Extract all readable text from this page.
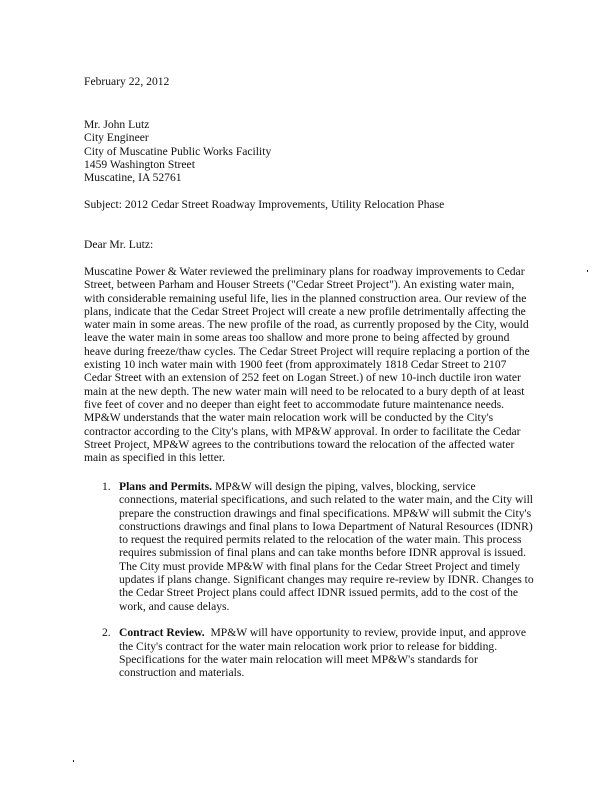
February 22, 2012
Mr. John Lutz
City Engineer
City of Muscatine Public Works Facility
1459 Washington Street
Muscatine, IA 52761
Subject: 2012 Cedar Street Roadway Improvements, Utility Relocation Phase
Dear Mr. Lutz:
Muscatine Power & Water reviewed the preliminary plans for roadway improvements to Cedar
Street, between Parham and Houser Streets ("Cedar Street Project"). An existing water main,
with considerable remaining useful life, lies in the planned construction area. Our review of the
plans, indicate that the Cedar Street Project will create a new profile detrimentally affecting the
water main in some areas. The new profile of the road, as currently proposed by the City, would
leave the water main in some areas too shallow and more prone to being affected by ground
heave during freeze/thaw cycles. The Cedar Street Project will require replacing a portion of the
existing 10 inch water main with 1900 feet (from approximately 1818 Cedar Street to 2107
Cedar Street with an extension of 252 feet on Logan Street.) of new 10-inch ductile iron water
main at the new depth. The new water main will need to be relocated to a bury depth of at least
five feet of cover and no deeper than eight feet to accommodate future maintenance needs.
MP&W understands that the water main relocation work will be conducted by the City's
contractor according to the City's plans, with MP&W approval. In order to facilitate the Cedar
Street Project, MP&W agrees to the contributions toward the relocation of the affected water
main as specified in this letter.
1. Plans and Permits. MP&W will design the piping, valves, blocking, service
connections, material specifications, and such related to the water main, and the City will
prepare the construction drawings and final specifications. MP&W will submit the City's
constructions drawings and final plans to Iowa Department of Natural Resources (IDNR)
to request the required permits related to the relocation of the water main. This process
requires submission of final plans and can take months before IDNR approval is issued.
The City must provide MP&W with final plans for the Cedar Street Project and timely
updates if plans change. Significant changes may require re-review by IDNR. Changes to
the Cedar Street Project plans could affect IDNR issued permits, add to the cost of the
work, and cause delays.
2. Contract Review.  MP&W will have opportunity to review, provide input, and approve
the City's contract for the water main relocation work prior to release for bidding.
Specifications for the water main relocation will meet MP&W's standards for
construction and materials.
